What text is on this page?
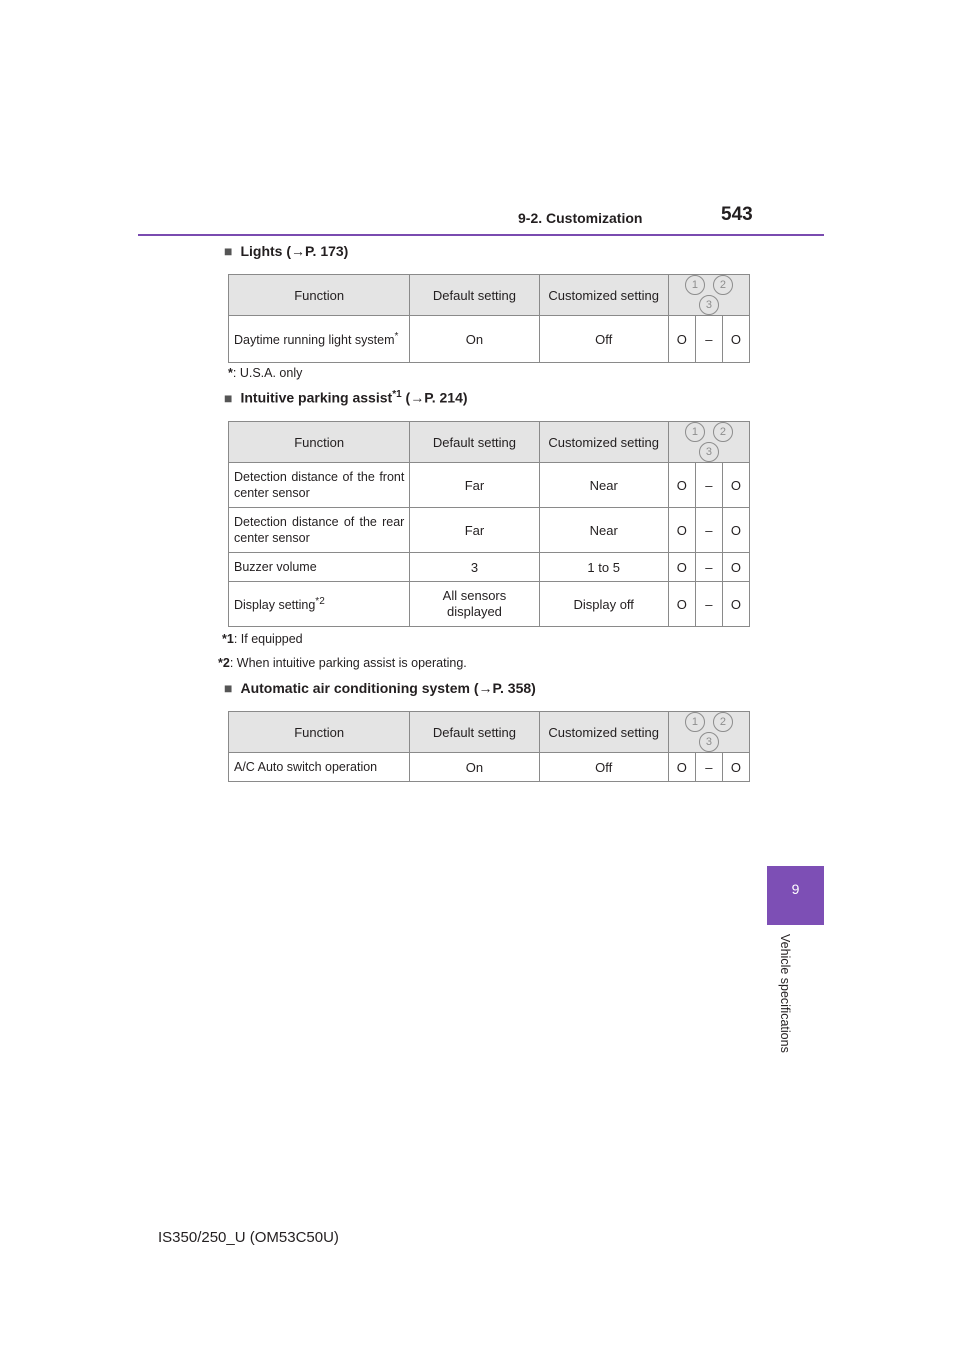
9-2. Customization	543
9
Vehicle specifications
■ Lights (→P. 173)
Function	Default setting	Customized setting	1 23		
Daytime running light system*	On	Off	O	–	O
*: U.S.A. only
■ Intuitive parking assist$^{*1}$ (→P. 214)
Function	Default setting	Customized setting	1 23		
Detection distance of the front center sensor	Far	Near	O	–	O
Detection distance of the rear center sensor	Far	Near	O	–	O
Buzzer volume	3	1 to 5	O	–	O
Display setting$^{*2}$	All sensors displayed	Display off	O	–	O
*1: If equipped
*2: When intuitive parking assist is operating.
■ Automatic air conditioning system (→P. 358)
Function	Default setting	Customized setting	1 23		
A/C Auto switch operation	On	Off	O	–	O
IS350/250_U (OM53C50U)
